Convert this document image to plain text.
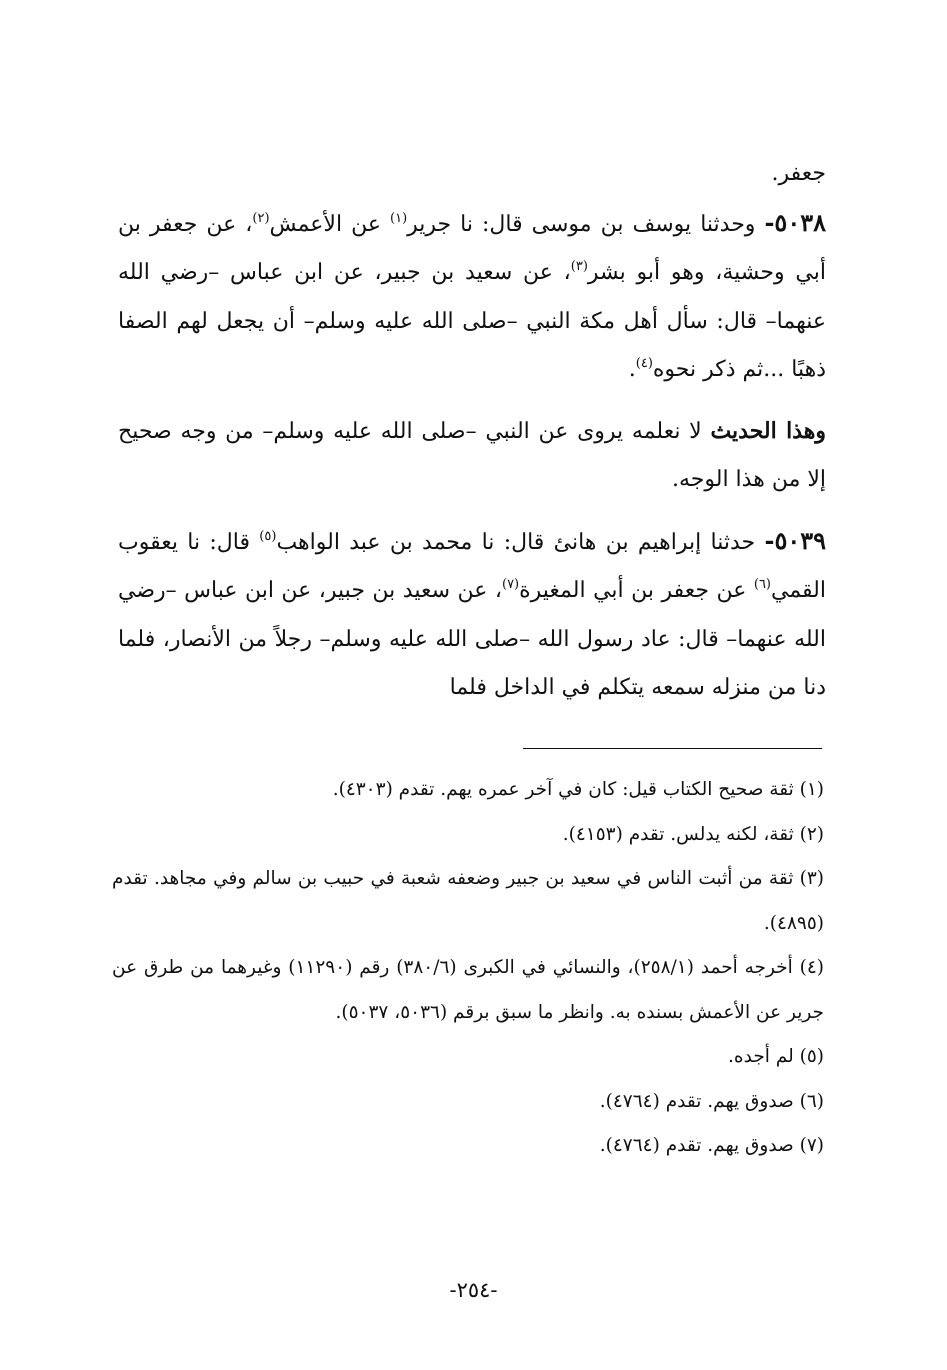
جعفر.

٥٠٣٨- وحدثنا يوسف بن موسى قال: نا جرير$^{(١)}$ عن الأعمش$^{(٢)}$، عن جعفر بن أبي وحشية، وهو أبو بشر$^{(٣)}$، عن سعيد بن جبير، عن ابن عباس –رضي الله عنهما– قال: سأل أهل مكة النبي –صلى الله عليه وسلم– أن يجعل لهم الصفا ذهبًا ...ثم ذكر نحوه$^{(٤)}$.

وهذا الحديث لا نعلمه يروى عن النبي –صلى الله عليه وسلم– من وجه صحيح إلا من هذا الوجه.

٥٠٣٩- حدثنا إبراهيم بن هانئ قال: نا محمد بن عبد الواهب$^{(٥)}$ قال: نا يعقوب القمي$^{(٦)}$ عن جعفر بن أبي المغيرة$^{(٧)}$، عن سعيد بن جبير، عن ابن عباس –رضي الله عنهما– قال: عاد رسول الله –صلى الله عليه وسلم– رجلاً من الأنصار، فلما دنا من منزله سمعه يتكلم في الداخل فلما

(١) ثقة صحيح الكتاب قيل: كان في آخر عمره يهم. تقدم (٤٣٠٣).
(٢) ثقة، لكنه يدلس. تقدم (٤١٥٣).
(٣) ثقة من أثبت الناس في سعيد بن جبير وضعفه شعبة في حبيب بن سالم وفي مجاهد. تقدم (٤٨٩٥).
(٤) أخرجه أحمد (٢٥٨/١)، والنسائي في الكبرى (٣٨٠/٦) رقم (١١٢٩٠) وغيرهما من طرق عن جرير عن الأعمش بسنده به. وانظر ما سبق برقم (٥٠٣٦، ٥٠٣٧).
(٥) لم أجده.
(٦) صدوق يهم. تقدم (٤٧٦٤).
(٧) صدوق يهم. تقدم (٤٧٦٤).
-٢٥٤-
